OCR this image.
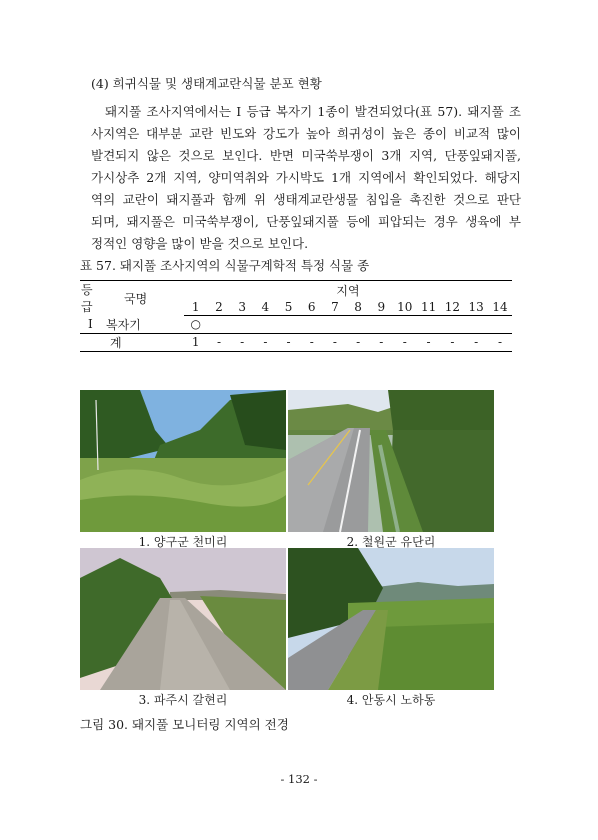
(4) 희귀식물 및 생태계교란식물 분포 현황
돼지풀 조사지역에서는 I 등급 복자기 1종이 발견되었다(표 57). 돼지풀 조
사지역은 대부분 교란 빈도와 강도가 높아 희귀성이 높은 종이 비교적 많이
발견되지 않은 것으로 보인다. 반면 미국쑥부쟁이 3개 지역, 단풍잎돼지풀,
가시상추 2개 지역, 양미역취와 가시박도 1개 지역에서 확인되었다. 해당지
역의 교란이 돼지풀과 함께 위 생태계교란생물 침입을 촉진한 것으로 판단
되며, 돼지풀은 미국쑥부쟁이, 단풍잎돼지풀 등에 피압되는 경우 생육에 부
정적인 영향을 많이 받을 것으로 보인다.
표 57. 돼지풀 조사지역의 식물구계학적 특정 식물 종
등급	국명	지역													
		1	2	3	4	5	6	7	8	9	10	11	12	13	14
I	복자기	○													
	계	1	-	-	-	-	-	-	-	-	-	-	-	-	-
1. 양구군 천미리	2. 철원군 유단리
3. 파주시 갈현리	4. 안동시 노하동
그림 30. 돼지풀 모니터링 지역의 전경
- 132 -
